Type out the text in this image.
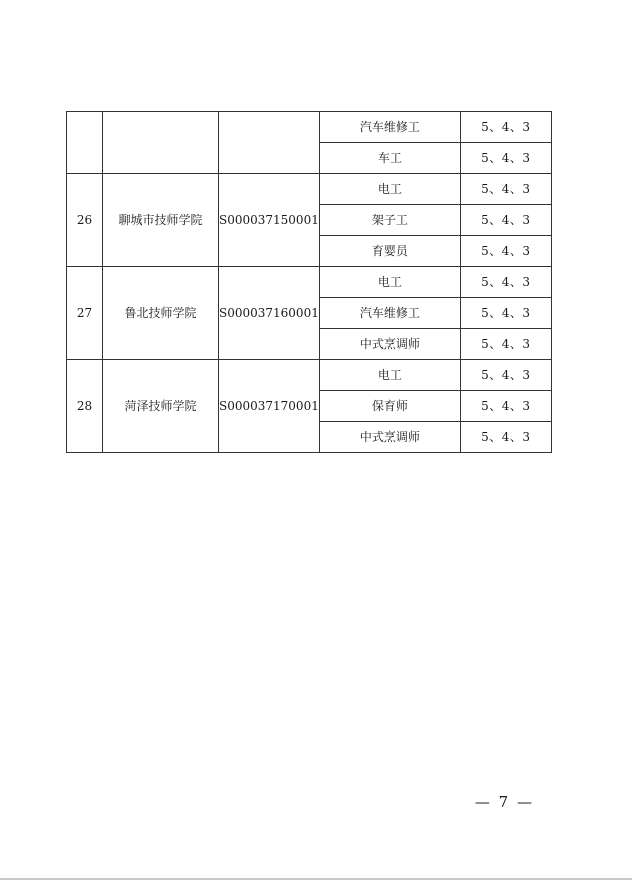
			汽车维修工	5、4、3
			车工	5、4、3
26	聊城市技师学院	S000037150001	电工	5、4、3
			架子工	5、4、3
			育婴员	5、4、3
27	鲁北技师学院	S000037160001	电工	5、4、3
			汽车维修工	5、4、3
			中式烹调师	5、4、3
28	菏泽技师学院	S000037170001	电工	5、4、3
			保育师	5、4、3
			中式烹调师	5、4、3
— 7 —
